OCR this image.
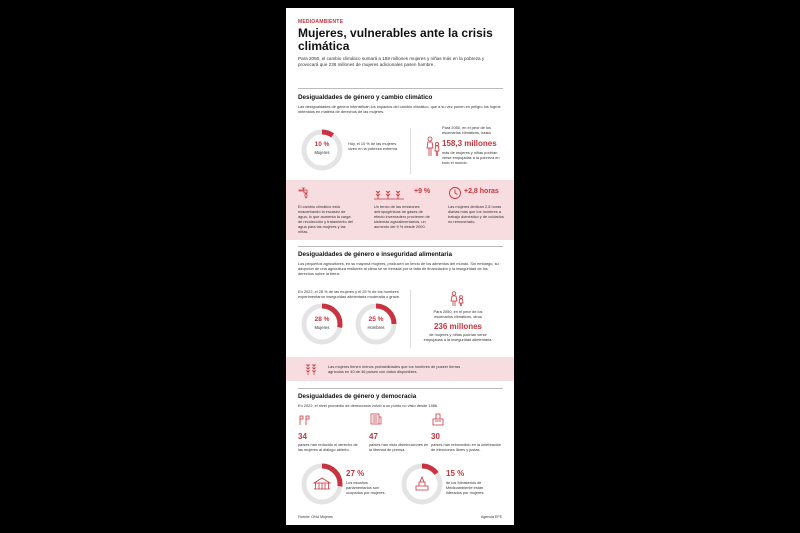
MEDIOAMBIENTE
Mujeres, vulnerables ante la crisis climática
Para 2050, el cambio climático sumará a 158 millones mujeres y niñas más en la pobreza y provocará que 236 millones de mujeres adicionales pasen hambre.
Desigualdades de género y cambio climático
Las desigualdades de género intensifican los impactos del cambio climático, que a su vez ponen en peligro los logros obtenidos en materia de derechos de las mujeres.
10 %
Mujeres
Hoy, el 10 % de las mujeres viven en la pobreza extrema.
Para 2050, en el peor de los escenarios climáticos, hasta
158,3 millones
más de mujeres y niñas podrían verse empujadas a la pobreza en todo el mundo.
El cambio climático está exacerbando la escasez de agua, lo que aumenta la carga de recolección y tratamiento del agua para las mujeres y las niñas.
+9 %
Un tercio de las emisiones antropogénicas de gases de efecto invernadero provienen de sistemas agroalimentarios, un aumento del 9 % desde 2000.
+2,8 horas
Las mujeres dedican 2,8 horas diarias más que los hombres a trabajo doméstico y de cuidados no remunerado.
Desigualdades de género e inseguridad alimentaria
Los pequeños agricultores, en su mayoría mujeres, producen un tercio de los alimentos del mundo. Sin embargo, su adopción de una agricultura resiliente al clima se ve frenada por la falta de financiación y la inseguridad de los derechos sobre la tierra.
En 2022, el 28 % de las mujeres y el 25 % de los hombres experimentaron inseguridad alimentaria moderada o grave.
28 %
Mujeres
25 %
Hombres
Para 2050, en el peor de los escenarios climáticos, otros
236 millones
de mujeres y niñas podrían verse empujadas a la inseguridad alimentaria.
Las mujeres tienen menos probabilidades que los hombres de poseer tierras agrícolas en 40 de 46 países con datos disponibles.
Desigualdades de género y democracia
En 2022, el nivel promedio de democracia volvió a un punto no visto desde 1986.
34
países han reducido el derecho de las mujeres al diálogo abierto.
47
países han visto disminuciones en la libertad de prensa.
30
países han retrocedido en la celebración de elecciones libres y justas.
27 %
Los escaños parlamentarios son ocupados por mujeres.
15 %
de los Ministerios de Medioambiente están liderados por mujeres.
Fuente: ONU Mujeres	Agencia EFE
